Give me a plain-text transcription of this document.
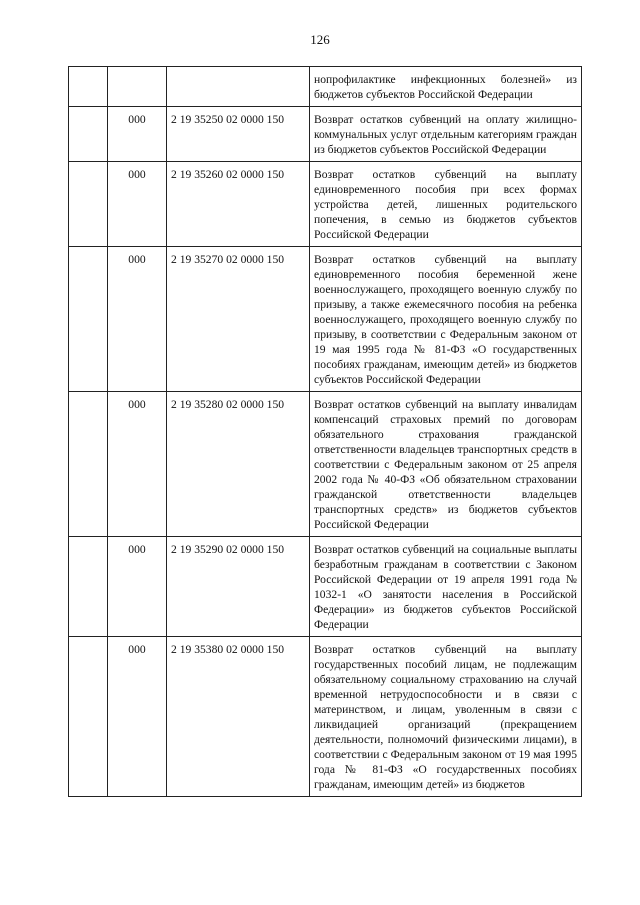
126
			нопрофилактике инфекционных болезней» из бюджетов субъектов Российской Федерации
	000	2 19 35250 02 0000 150	Возврат остатков субвенций на оплату жилищно-коммунальных услуг отдельным категориям граждан из бюджетов субъектов Российской Федерации
	000	2 19 35260 02 0000 150	Возврат остатков субвенций на выплату единовременного пособия при всех формах устройства детей, лишенных родительского попечения, в семью из бюджетов субъектов Российской Федерации
	000	2 19 35270 02 0000 150	Возврат остатков субвенций на выплату единовременного пособия беременной жене военнослужащего, проходящего военную службу по призыву, а также ежемесячного пособия на ребенка военнослужащего, проходящего военную службу по призыву, в соответствии с Федеральным законом от 19 мая 1995 года № 81-ФЗ «О государственных пособиях гражданам, имеющим детей» из бюджетов субъектов Российской Федерации
	000	2 19 35280 02 0000 150	Возврат остатков субвенций на выплату инвалидам компенсаций страховых премий по договорам обязательного страхования гражданской ответственности владельцев транспортных средств в соответствии с Федеральным законом от 25 апреля 2002 года № 40-ФЗ «Об обязательном страховании гражданской ответственности владельцев транспортных средств» из бюджетов субъектов Российской Федерации
	000	2 19 35290 02 0000 150	Возврат остатков субвенций на социальные выплаты безработным гражданам в соответствии с Законом Российской Федерации от 19 апреля 1991 года № 1032-1 «О занятости населения в Российской Федерации» из бюджетов субъектов Российской Федерации
	000	2 19 35380 02 0000 150	Возврат остатков субвенций на выплату государственных пособий лицам, не подлежащим обязательному социальному страхованию на случай временной нетрудоспособности и в связи с материнством, и лицам, уволенным в связи с ликвидацией организаций (прекращением деятельности, полномочий физическими лицами), в соответствии с Федеральным законом от 19 мая 1995 года № 81-ФЗ «О государственных пособиях гражданам, имеющим детей» из бюджетов
